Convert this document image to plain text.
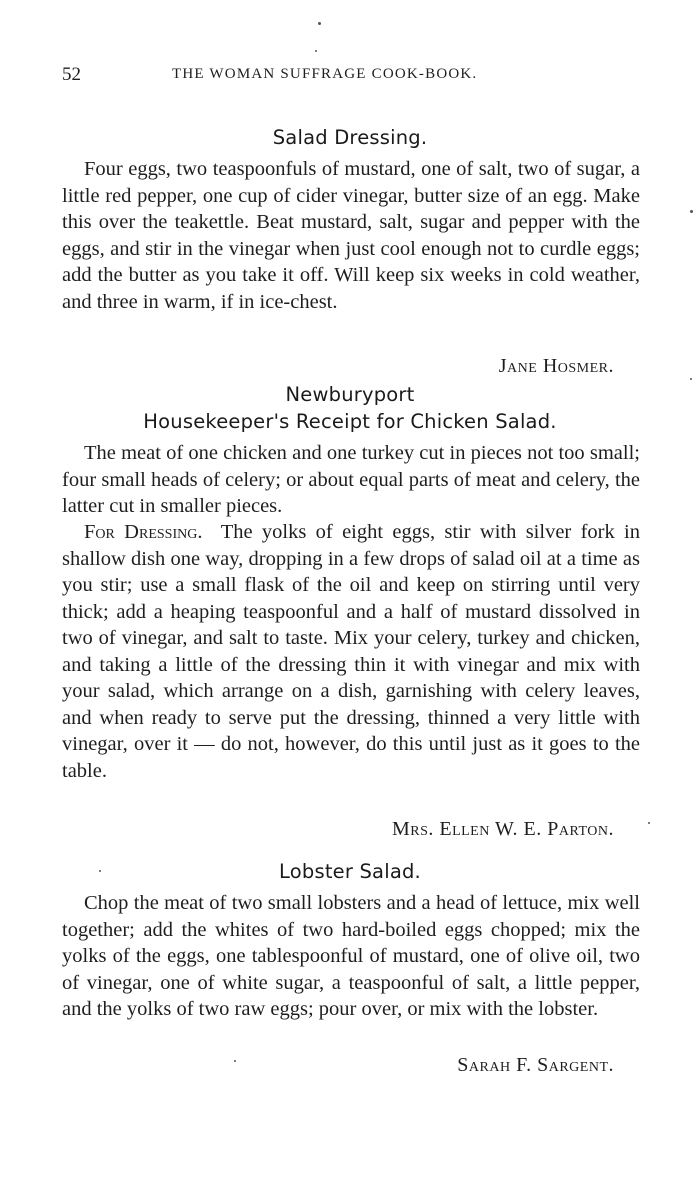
52	THE WOMAN SUFFRAGE COOK-BOOK.
Salad Dressing.

Four eggs, two teaspoonfuls of mustard, one of salt, two of sugar, a little red pepper, one cup of cider vinegar, butter size of an egg. Make this over the teakettle. Beat mustard, salt, sugar and pepper with the eggs, and stir in the vinegar when just cool enough not to curdle eggs; add the butter as you take it off. Will keep six weeks in cold weather, and three in warm, if in ice-chest.

Jane Hosmer.
Newburyport
Housekeeper's Receipt for Chicken Salad.

The meat of one chicken and one turkey cut in pieces not too small; four small heads of celery; or about equal parts of meat and celery, the latter cut in smaller pieces.

For Dressing. The yolks of eight eggs, stir with silver fork in shallow dish one way, dropping in a few drops of salad oil at a time as you stir; use a small flask of the oil and keep on stirring until very thick; add a heaping teaspoonful and a half of mustard dissolved in two of vinegar, and salt to taste. Mix your celery, turkey and chicken, and taking a little of the dressing thin it with vinegar and mix with your salad, which arrange on a dish, garnishing with celery leaves, and when ready to serve put the dressing, thinned a very little with vinegar, over it — do not, however, do this until just as it goes to the table.

Mrs. Ellen W. E. Parton.
Lobster Salad.

Chop the meat of two small lobsters and a head of lettuce, mix well together; add the whites of two hard-boiled eggs chopped; mix the yolks of the eggs, one tablespoonful of mustard, one of olive oil, two of vinegar, one of white sugar, a teaspoonful of salt, a little pepper, and the yolks of two raw eggs; pour over, or mix with the lobster.

Sarah F. Sargent.
